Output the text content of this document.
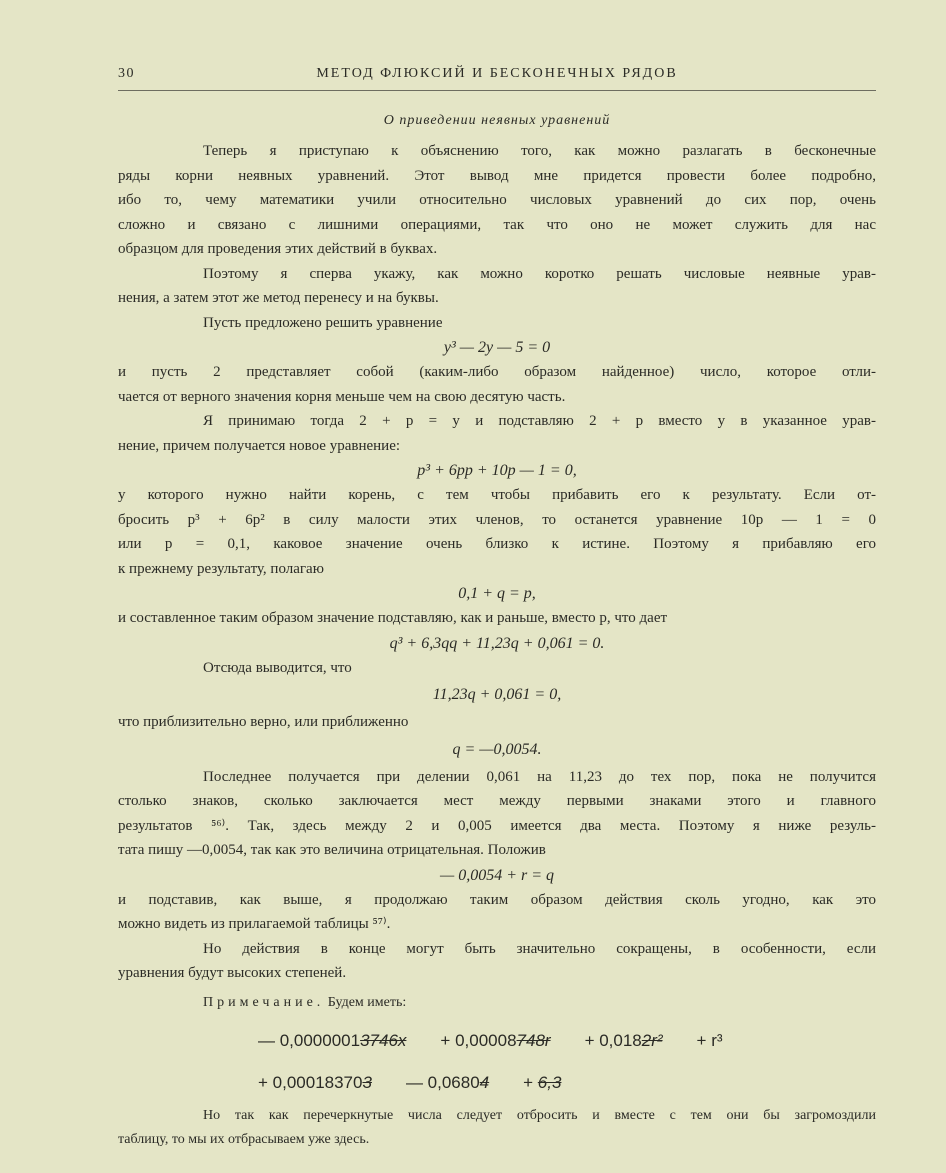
30	МЕТОД ФЛЮКСИЙ И БЕСКОНЕЧНЫХ РЯДОВ
О приведении неявных уравнений
Теперь я приступаю к объяснению того, как можно разлагать в бесконечные
ряды корни неявных уравнений. Этот вывод мне придется провести более подробно,
ибо то, чему математики учили относительно числовых уравнений до сих пор, очень
сложно и связано с лишними операциями, так что оно не может служить для нас
образцом для проведения этих действий в буквах.
Поэтому я сперва укажу, как можно коротко решать числовые неявные урав-
нения, а затем этот же метод перенесу и на буквы.
Пусть предложено решить уравнение
y³ — 2y — 5 = 0
и пусть 2 представляет собой (каким-либо образом найденное) число, которое отли-
чается от верного значения корня меньше чем на свою десятую часть.
Я принимаю тогда 2 + p = y и подставляю 2 + p вместо y в указанное урав-
нение, причем получается новое уравнение:
p³ + 6pp + 10p — 1 = 0,
у которого нужно найти корень, с тем чтобы прибавить его к результату. Если от-
бросить p³ + 6p² в силу малости этих членов, то останется уравнение 10p — 1 = 0
или p = 0,1, каковое значение очень близко к истине. Поэтому я прибавляю его
к прежнему результату, полагаю
0,1 + q = p,
и составленное таким образом значение подставляю, как и раньше, вместо p, что дает
q³ + 6,3qq + 11,23q + 0,061 = 0.
Отсюда выводится, что
11,23q + 0,061 = 0,
что приблизительно верно, или приближенно
q = —0,0054.
Последнее получается при делении 0,061 на 11,23 до тех пор, пока не получится
столько знаков, сколько заключается мест между первыми знаками этого и главного
результатов ⁵⁶⁾. Так, здесь между 2 и 0,005 имеется два места. Поэтому я ниже резуль-
тата пишу —0,0054, так как это величина отрицательная. Положив
— 0,0054 + r = q
и подставив, как выше, я продолжаю таким образом действия сколь угодно, как это
можно видеть из прилагаемой таблицы ⁵⁷⁾.
Но действия в конце могут быть значительно сокращены, в особенности, если
уравнения будут высоких степеней.
Примечание. Будем иметь:
— 0,00000013746x + 0,00008748r + 0,0182r² + r³
+ 0,000183703 — 0,06804 + 6,3
Но так как перечеркнутые числа следует отбросить и вместе с тем они бы загромоздили
таблицу, то мы их отбрасываем уже здесь.
